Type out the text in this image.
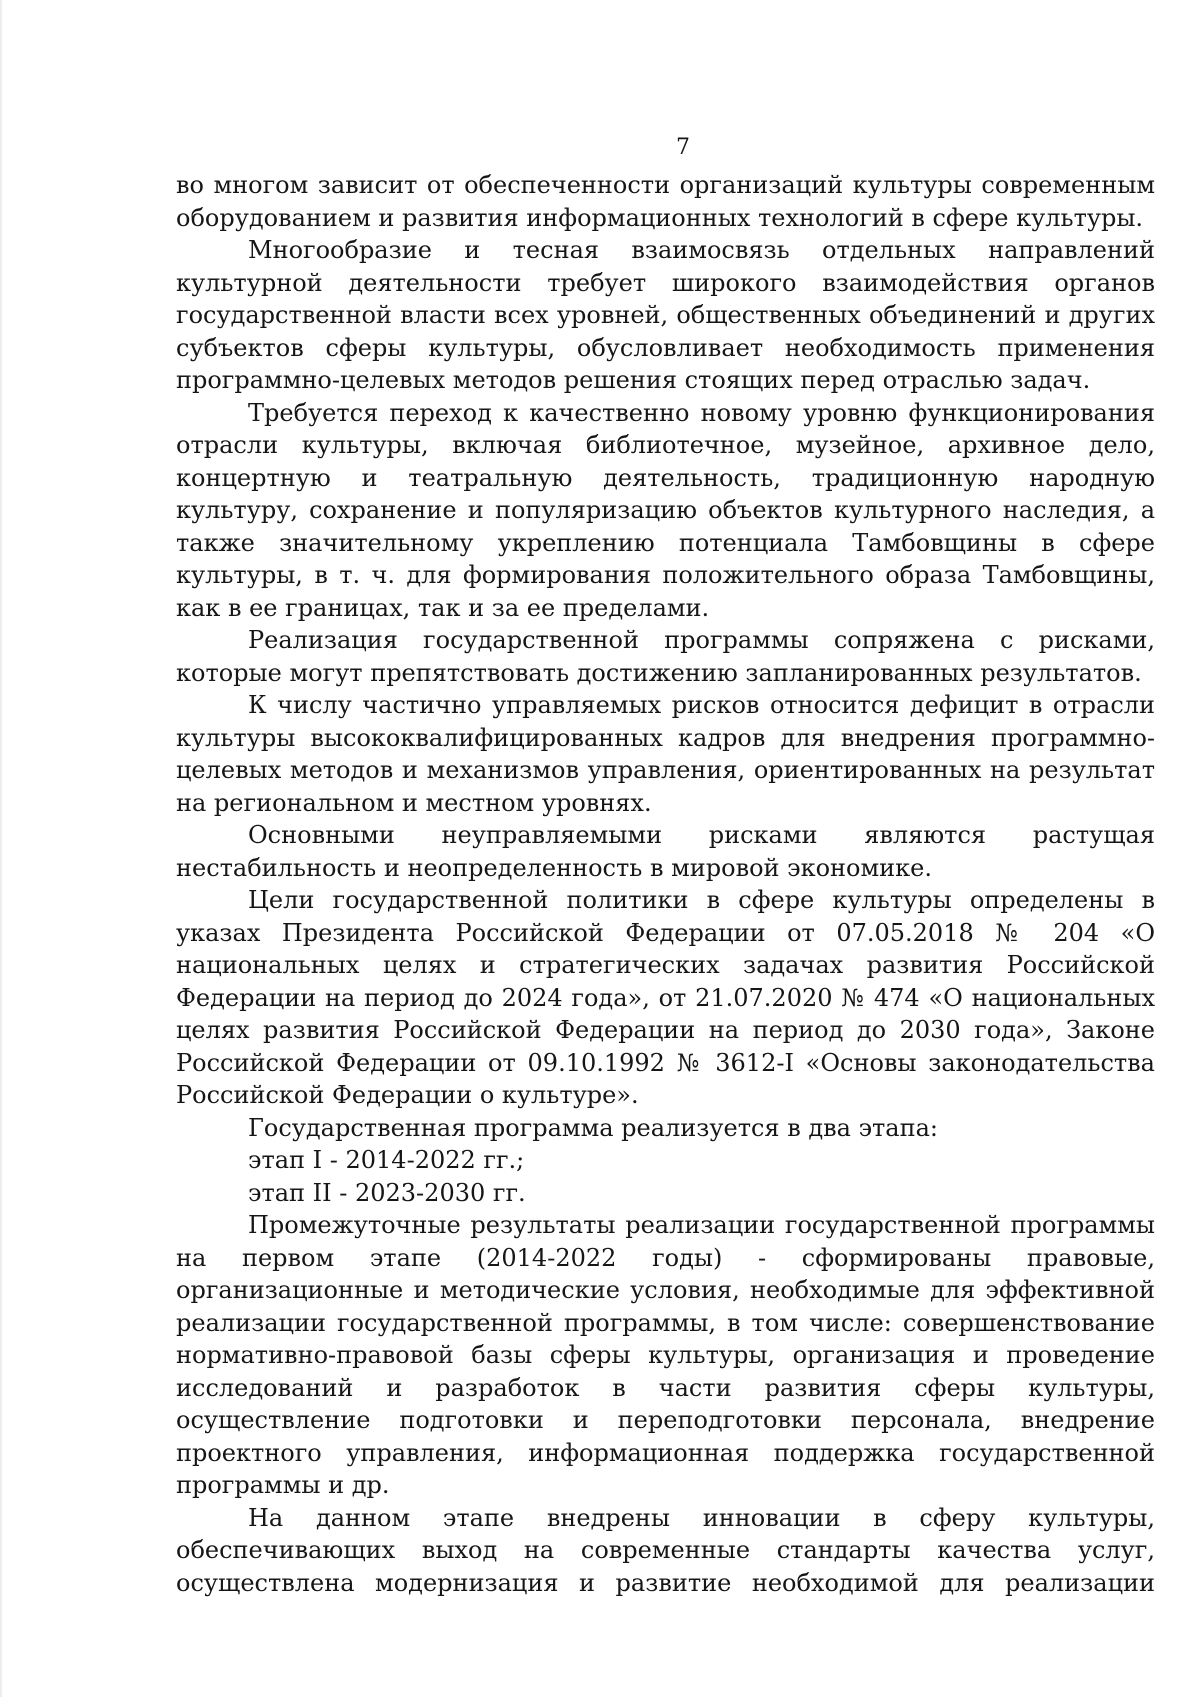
7

во многом зависит от обеспеченности организаций культуры современным оборудованием и развития информационных технологий в сфере культуры.

Многообразие и тесная взаимосвязь отдельных направлений культурной деятельности требует широкого взаимодействия органов государственной власти всех уровней, общественных объединений и других субъектов сферы культуры, обусловливает необходимость применения программно-целевых методов решения стоящих перед отраслью задач.

Требуется переход к качественно новому уровню функционирования отрасли культуры, включая библиотечное, музейное, архивное дело, концертную и театральную деятельность, традиционную народную культуру, сохранение и популяризацию объектов культурного наследия, а также значительному укреплению потенциала Тамбовщины в сфере культуры, в т. ч. для формирования положительного образа Тамбовщины, как в ее границах, так и за ее пределами.

Реализация государственной программы сопряжена с рисками, которые могут препятствовать достижению запланированных результатов.

К числу частично управляемых рисков относится дефицит в отрасли культуры высококвалифицированных кадров для внедрения программно-целевых методов и механизмов управления, ориентированных на результат на региональном и местном уровнях.

Основными неуправляемыми рисками являются растущая нестабильность и неопределенность в мировой экономике.

Цели государственной политики в сфере культуры определены в указах Президента Российской Федерации от 07.05.2018 № 204 «О национальных целях и стратегических задачах развития Российской Федерации на период до 2024 года», от 21.07.2020 № 474 «О национальных целях развития Российской Федерации на период до 2030 года», Законе Российской Федерации от 09.10.1992 № 3612-I «Основы законодательства Российской Федерации о культуре».

Государственная программа реализуется в два этапа:

этап I - 2014-2022 гг.;

этап II - 2023-2030 гг.

Промежуточные результаты реализации государственной программы на первом этапе (2014-2022 годы) - сформированы правовые, организационные и методические условия, необходимые для эффективной реализации государственной программы, в том числе: совершенствование нормативно-правовой базы сферы культуры, организация и проведение исследований и разработок в части развития сферы культуры, осуществление подготовки и переподготовки персонала, внедрение проектного управления, информационная поддержка государственной программы и др.

На данном этапе внедрены инновации в сферу культуры, обеспечивающих выход на современные стандарты качества услуг, осуществлена модернизация и развитие необходимой для реализации
